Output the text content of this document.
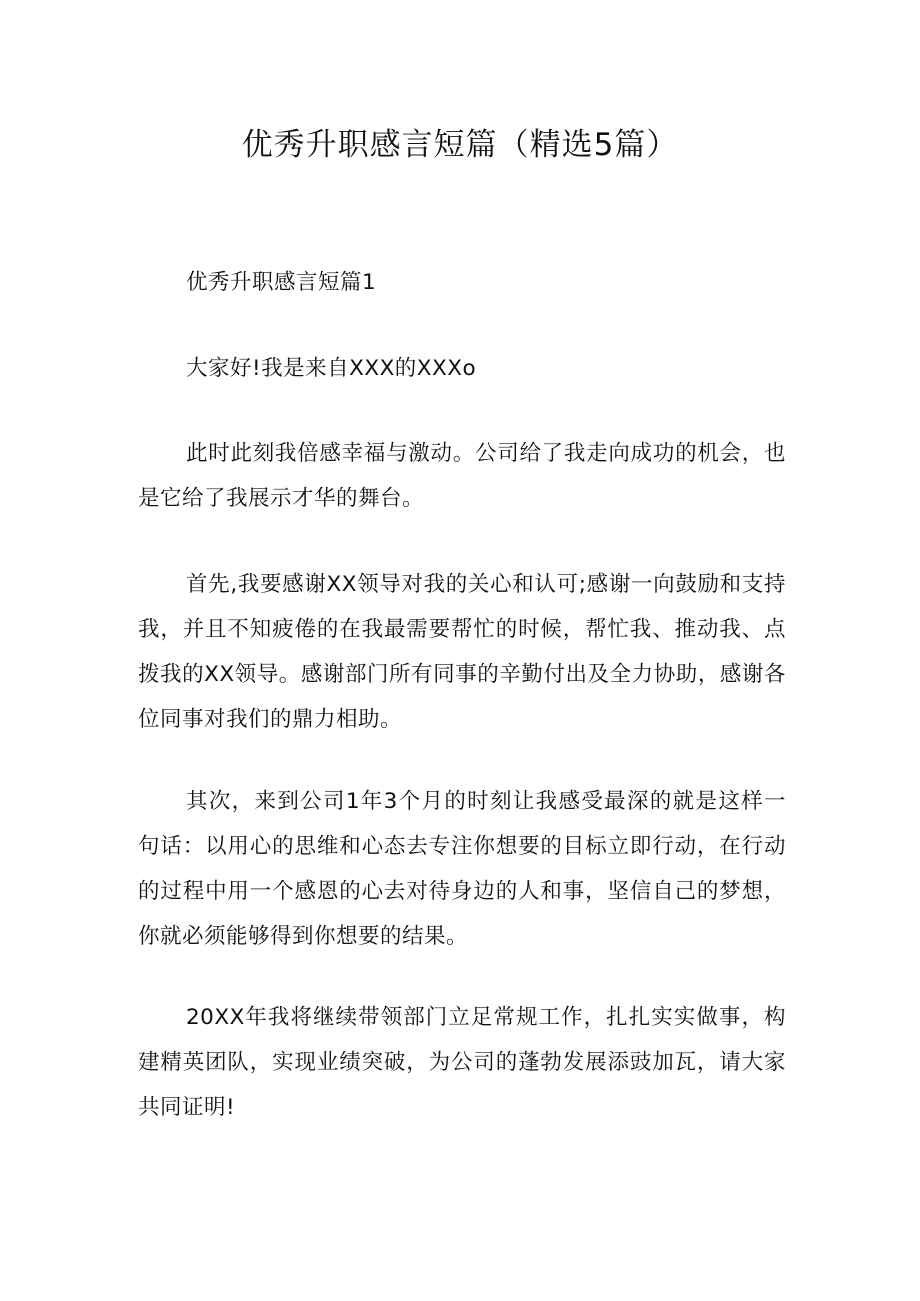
优秀升职感言短篇（精选5篇）

优秀升职感言短篇1

大家好!我是来自XXX的XXXo

此时此刻我倍感幸福与激动。公司给了我走向成功的机会，也是它给了我展示才华的舞台。

首先,我要感谢XX领导对我的关心和认可;感谢一向鼓励和支持我，并且不知疲倦的在我最需要帮忙的时候，帮忙我、推动我、点拨我的XX领导。感谢部门所有同事的辛勤付出及全力协助，感谢各位同事对我们的鼎力相助。

其次，来到公司1年3个月的时刻让我感受最深的就是这样一句话：以用心的思维和心态去专注你想要的目标立即行动，在行动的过程中用一个感恩的心去对待身边的人和事，坚信自己的梦想，你就必须能够得到你想要的结果。

20XX年我将继续带领部门立足常规工作，扎扎实实做事，构建精英团队，实现业绩突破，为公司的蓬勃发展添豉加瓦，请大家共同证明!
